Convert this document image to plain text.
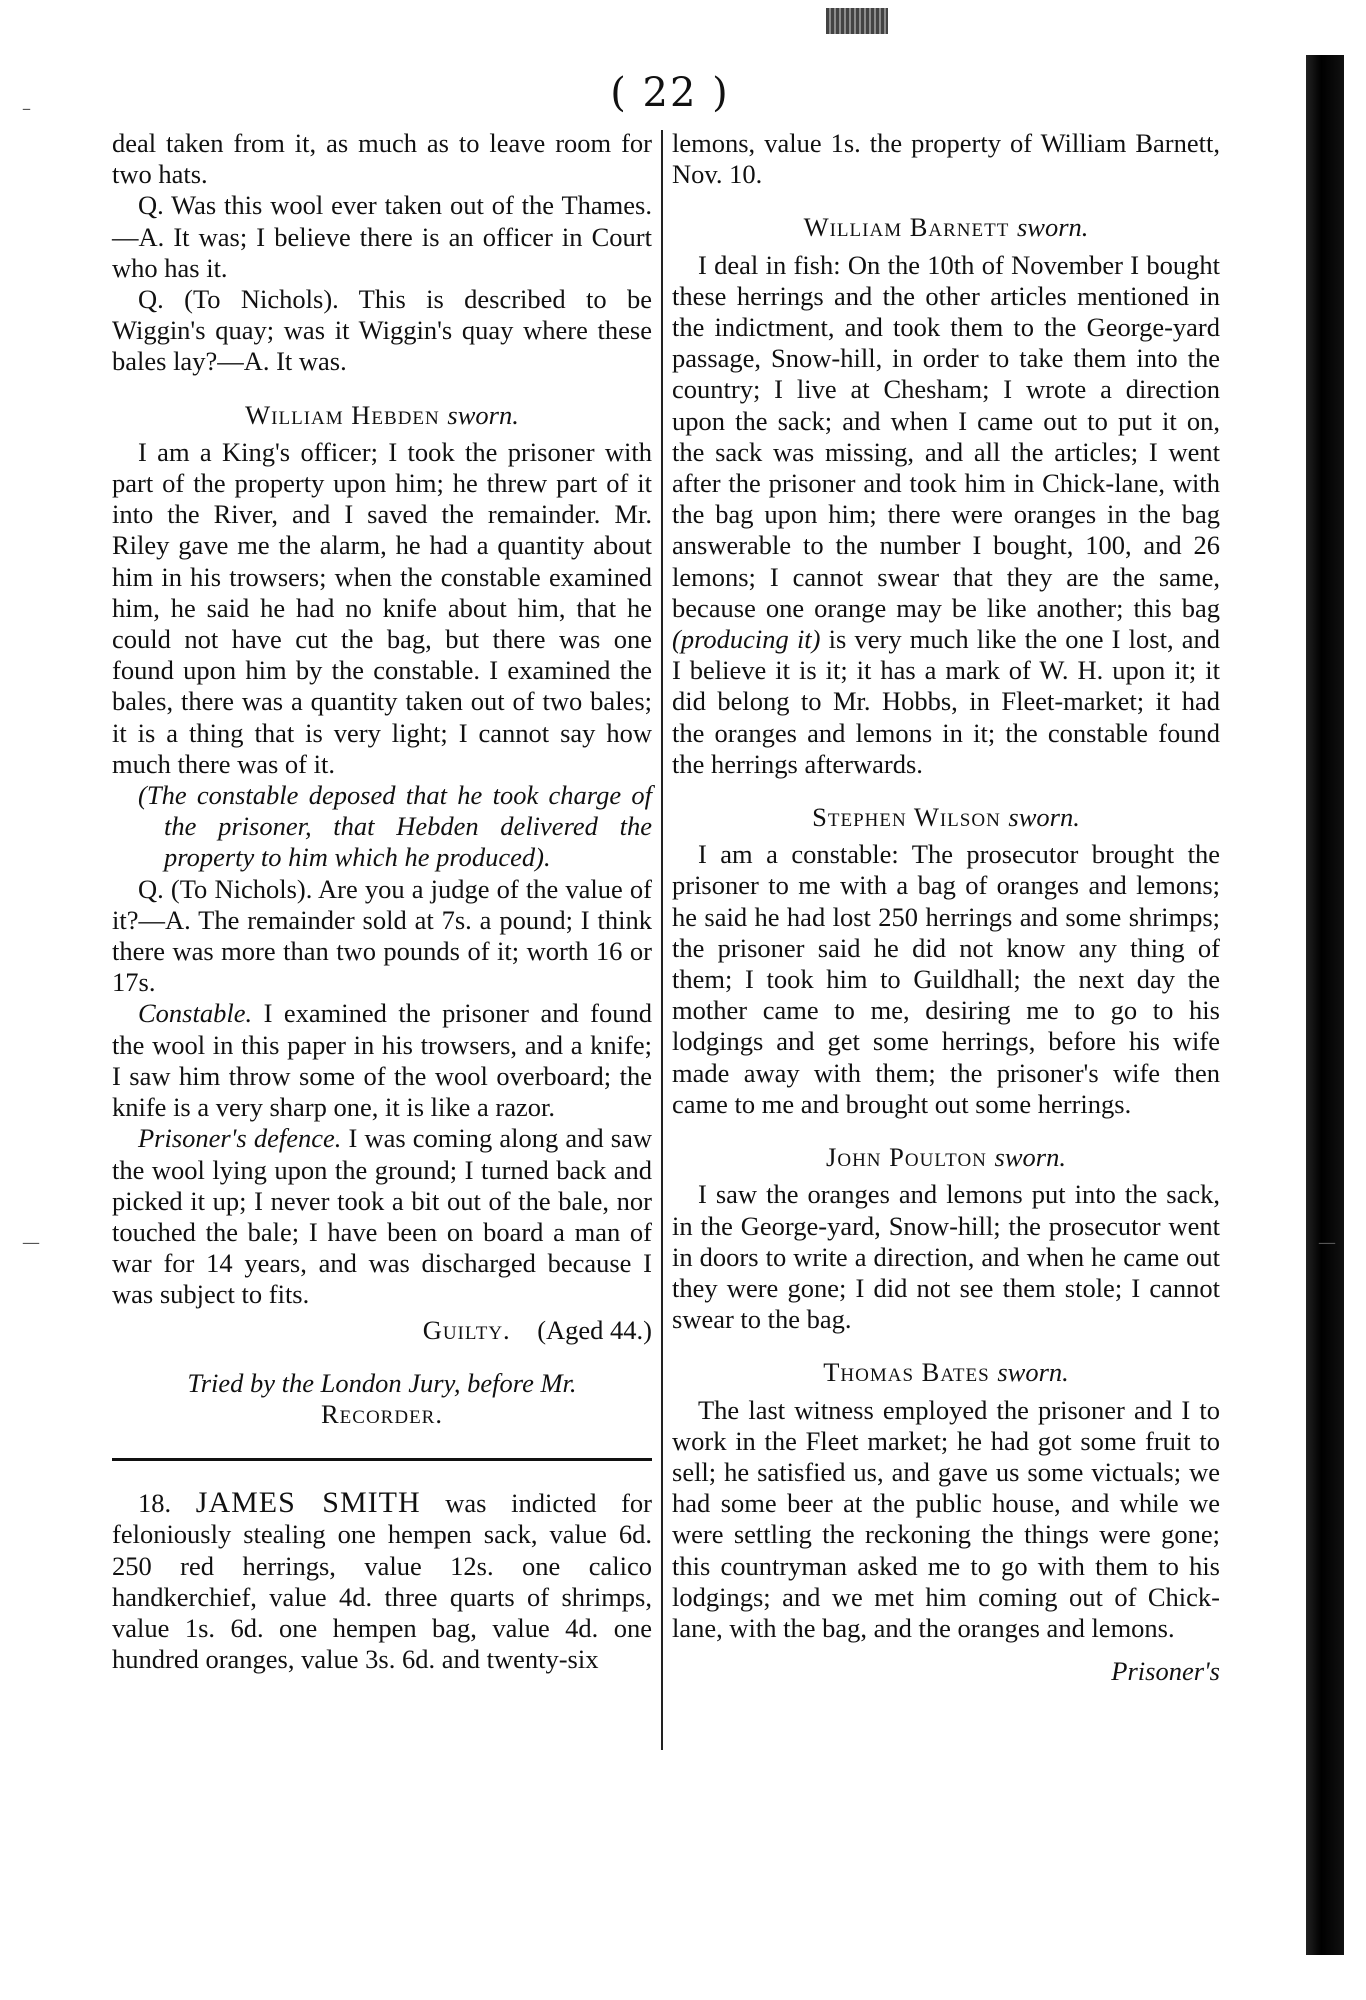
( 22 )
–
—	—

deal taken from it, as much as to leave room for two hats.

Q. Was this wool ever taken out of the Thames.—A. It was; I believe there is an officer in Court who has it.

Q. (To Nichols). This is described to be Wiggin's quay; was it Wiggin's quay where these bales lay?—A. It was.

William Hebden sworn.

I am a King's officer; I took the prisoner with part of the property upon him; he threw part of it into the River, and I saved the remainder. Mr. Riley gave me the alarm, he had a quantity about him in his trowsers; when the constable examined him, he said he had no knife about him, that he could not have cut the bag, but there was one found upon him by the constable. I examined the bales, there was a quantity taken out of two bales; it is a thing that is very light; I cannot say how much there was of it.

(The constable deposed that he took charge of the prisoner, that Hebden delivered the property to him which he produced).

Q. (To Nichols). Are you a judge of the value of it?—A. The remainder sold at 7s. a pound; I think there was more than two pounds of it; worth 16 or 17s.

Constable. I examined the prisoner and found the wool in this paper in his trowsers, and a knife; I saw him throw some of the wool overboard; the knife is a very sharp one, it is like a razor.

Prisoner's defence. I was coming along and saw the wool lying upon the ground; I turned back and picked it up; I never took a bit out of the bale, nor touched the bale; I have been on board a man of war for 14 years, and was discharged because I was subject to fits.

Guilty. (Aged 44.)

Tried by the London Jury, before Mr.
Recorder.

18. JAMES SMITH was indicted for feloniously stealing one hempen sack, value 6d. 250 red herrings, value 12s. one calico handkerchief, value 4d. three quarts of shrimps, value 1s. 6d. one hempen bag, value 4d. one hundred oranges, value 3s. 6d. and twenty-six

lemons, value 1s. the property of William Barnett, Nov. 10.

William Barnett sworn.

I deal in fish: On the 10th of November I bought these herrings and the other articles mentioned in the indictment, and took them to the George-yard passage, Snow-hill, in order to take them into the country; I live at Chesham; I wrote a direction upon the sack; and when I came out to put it on, the sack was missing, and all the articles; I went after the prisoner and took him in Chick-lane, with the bag upon him; there were oranges in the bag answerable to the number I bought, 100, and 26 lemons; I cannot swear that they are the same, because one orange may be like another; this bag (producing it) is very much like the one I lost, and I believe it is it; it has a mark of W. H. upon it; it did belong to Mr. Hobbs, in Fleet-market; it had the oranges and lemons in it; the constable found the herrings afterwards.

Stephen Wilson sworn.

I am a constable: The prosecutor brought the prisoner to me with a bag of oranges and lemons; he said he had lost 250 herrings and some shrimps; the prisoner said he did not know any thing of them; I took him to Guildhall; the next day the mother came to me, desiring me to go to his lodgings and get some herrings, before his wife made away with them; the prisoner's wife then came to me and brought out some herrings.

John Poulton sworn.

I saw the oranges and lemons put into the sack, in the George-yard, Snow-hill; the prosecutor went in doors to write a direction, and when he came out they were gone; I did not see them stole; I cannot swear to the bag.

Thomas Bates sworn.

The last witness employed the prisoner and I to work in the Fleet market; he had got some fruit to sell; he satisfied us, and gave us some victuals; we had some beer at the public house, and while we were settling the reckoning the things were gone; this countryman asked me to go with them to his lodgings; and we met him coming out of Chick-lane, with the bag, and the oranges and lemons.

Prisoner's
